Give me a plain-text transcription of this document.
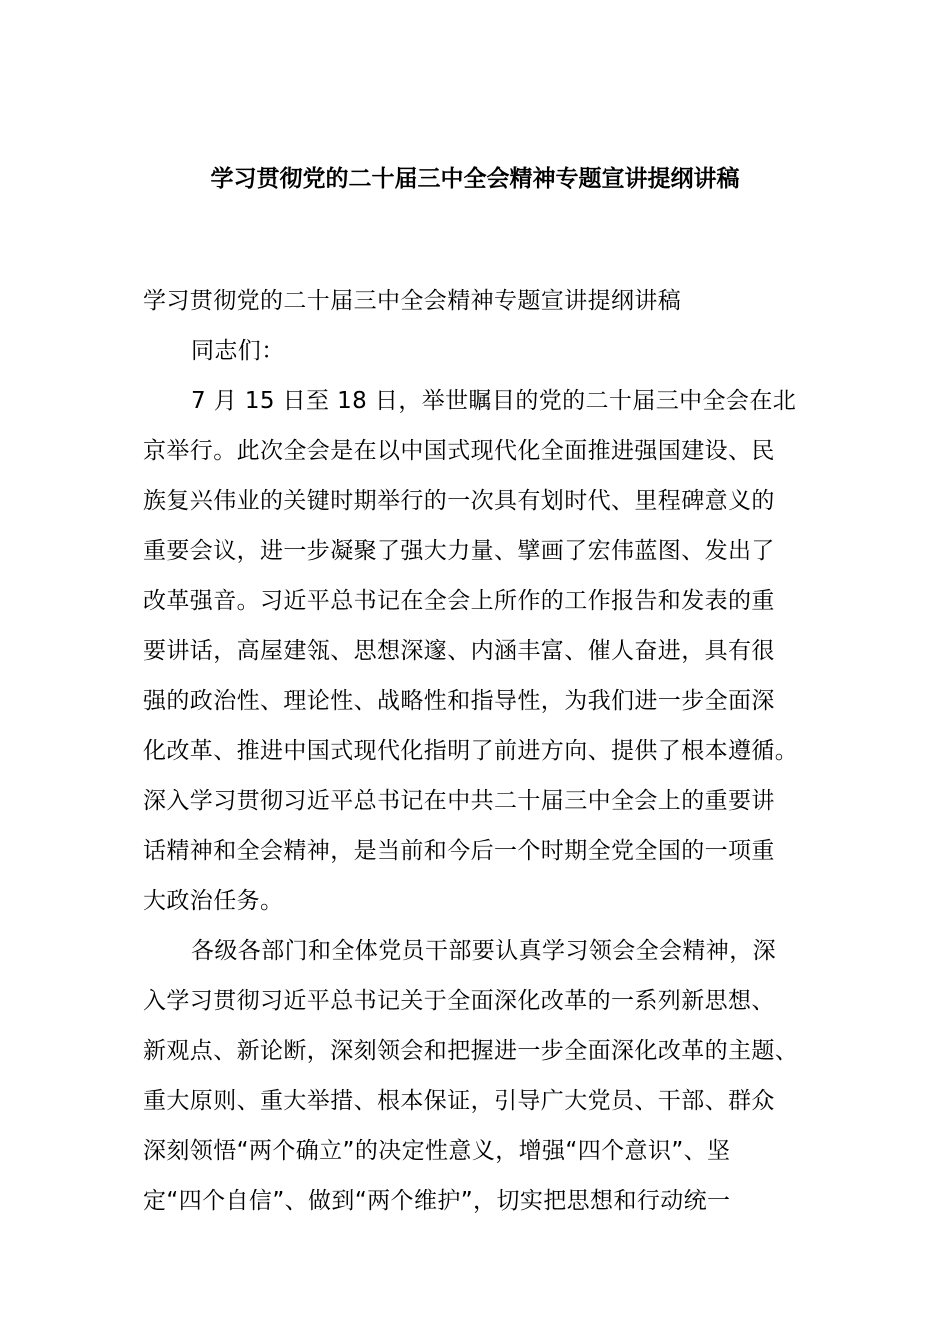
学习贯彻党的二十届三中全会精神专题宣讲提纲讲稿
学习贯彻党的二十届三中全会精神专题宣讲提纲讲稿
同志们：
7 月 15 日至 18 日，举世瞩目的党的二十届三中全会在北
京举行。此次全会是在以中国式现代化全面推进强国建设、民
族复兴伟业的关键时期举行的一次具有划时代、里程碑意义的
重要会议，进一步凝聚了强大力量、擘画了宏伟蓝图、发出了
改革强音。习近平总书记在全会上所作的工作报告和发表的重
要讲话，高屋建瓴、思想深邃、内涵丰富、催人奋进，具有很
强的政治性、理论性、战略性和指导性，为我们进一步全面深
化改革、推进中国式现代化指明了前进方向、提供了根本遵循。
深入学习贯彻习近平总书记在中共二十届三中全会上的重要讲
话精神和全会精神，是当前和今后一个时期全党全国的一项重
大政治任务。
各级各部门和全体党员干部要认真学习领会全会精神，深
入学习贯彻习近平总书记关于全面深化改革的一系列新思想、
新观点、新论断，深刻领会和把握进一步全面深化改革的主题、
重大原则、重大举措、根本保证，引导广大党员、干部、群众
深刻领悟“两个确立”的决定性意义，增强“四个意识”、坚
定“四个自信”、做到“两个维护”，切实把思想和行动统一
